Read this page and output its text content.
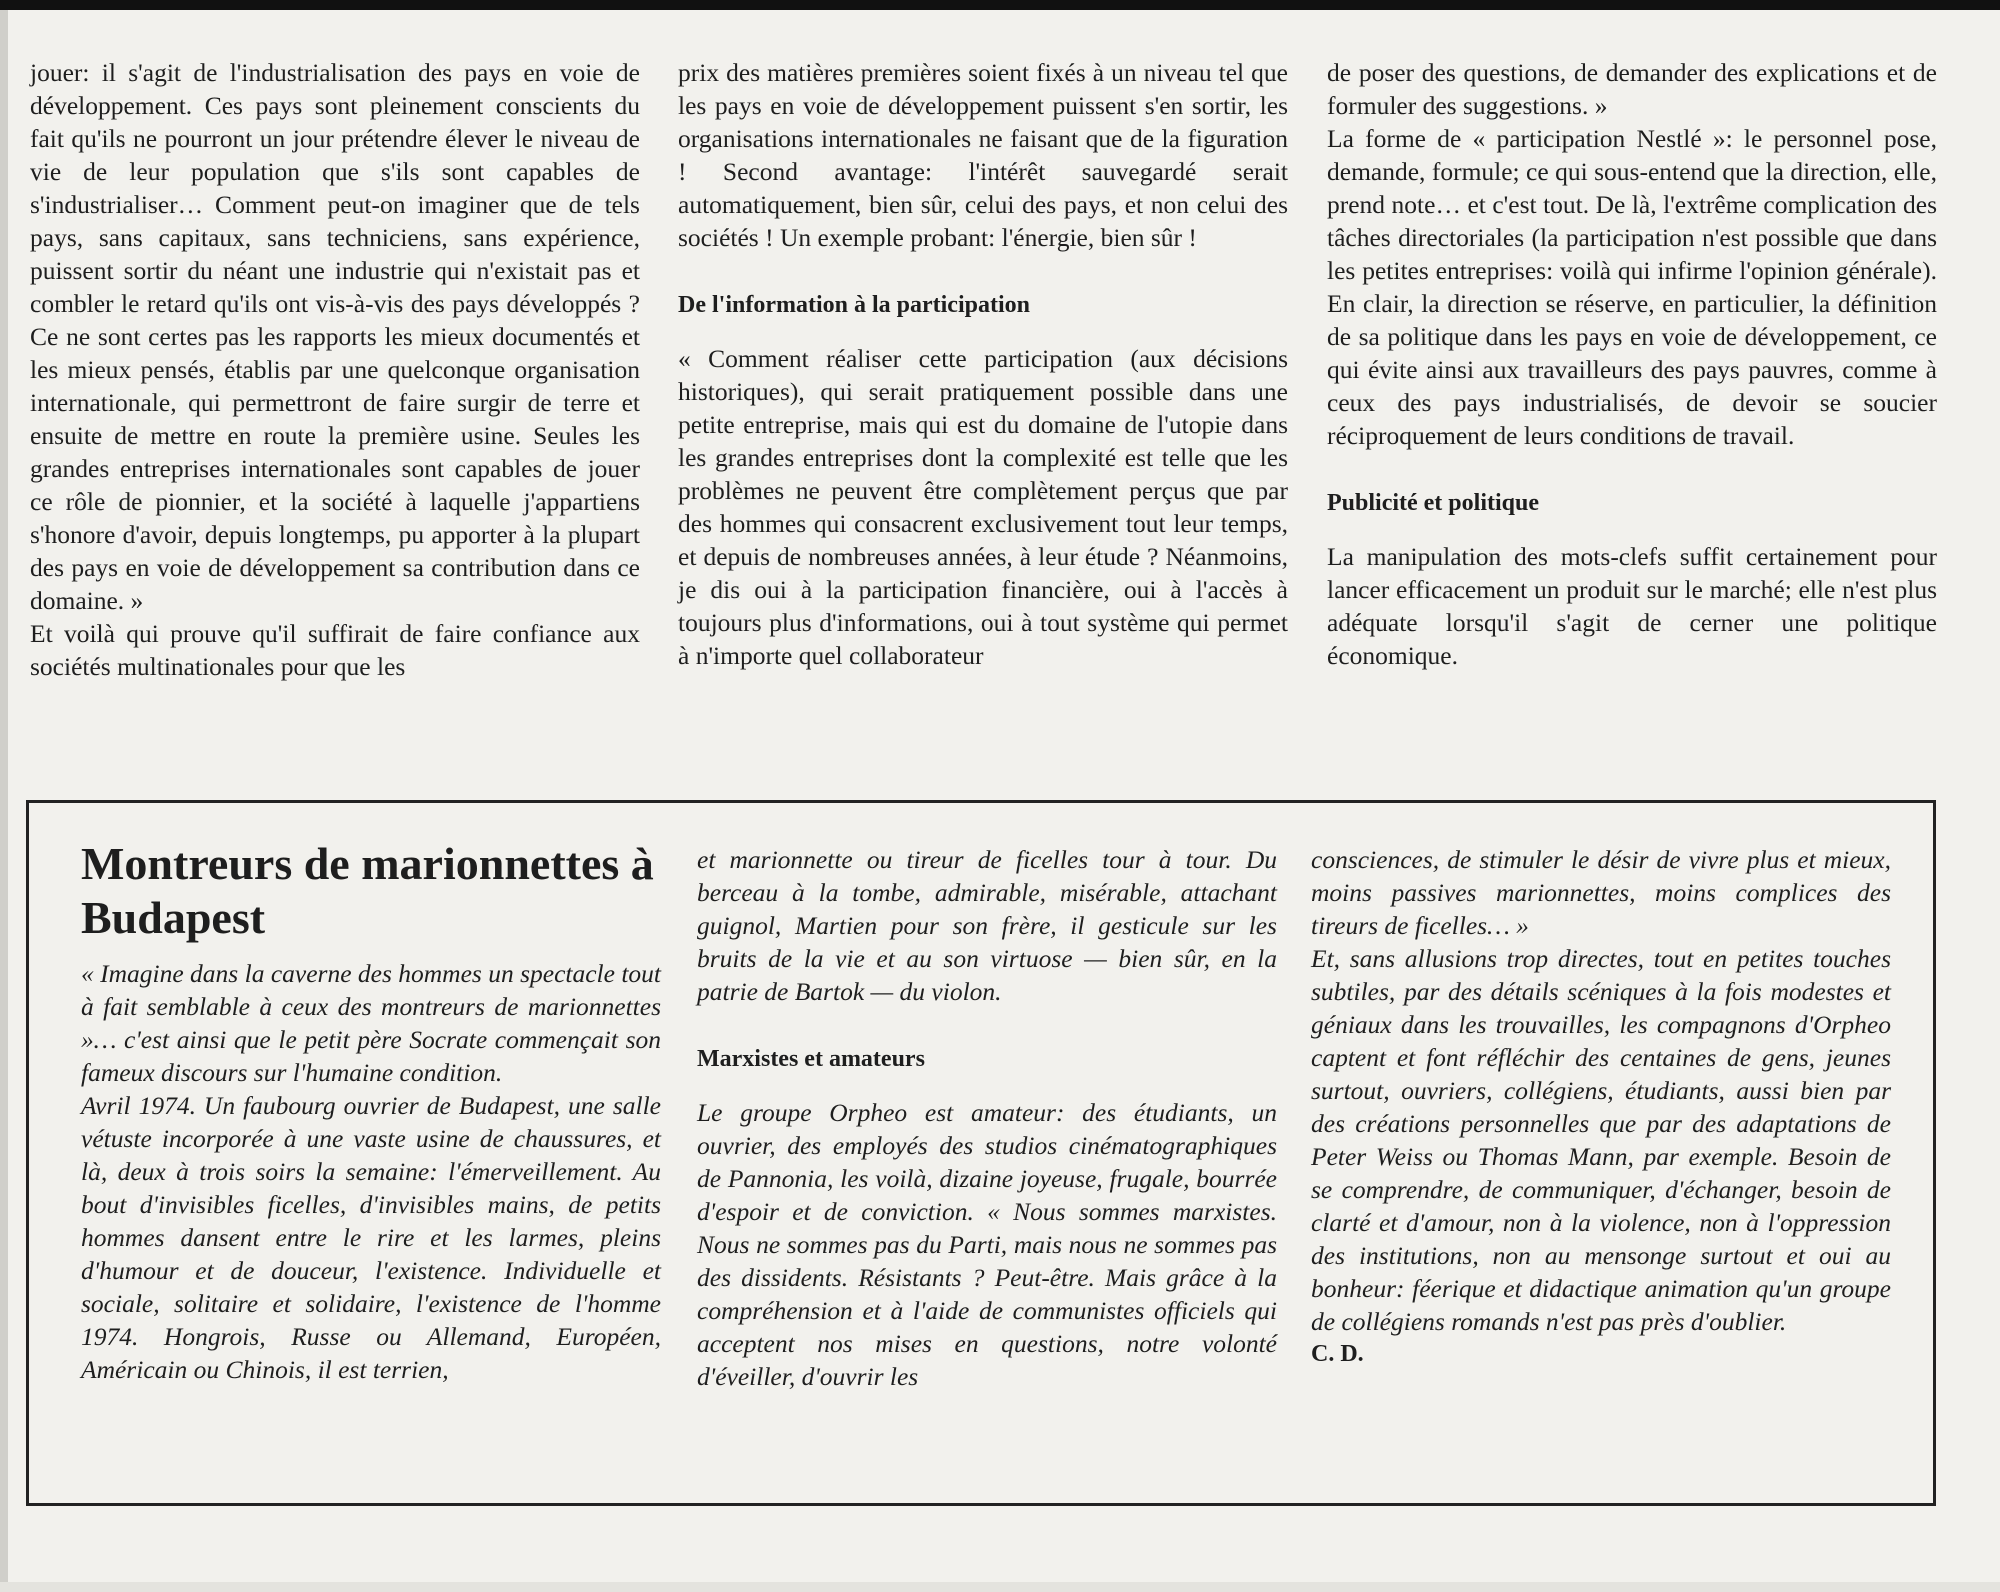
jouer: il s'agit de l'industrialisation des pays en voie de développement. Ces pays sont pleinement conscients du fait qu'ils ne pourront un jour prétendre élever le niveau de vie de leur population que s'ils sont capables de s'industrialiser… Comment peut-on imaginer que de tels pays, sans capitaux, sans techniciens, sans expérience, puissent sortir du néant une industrie qui n'existait pas et combler le retard qu'ils ont vis-à-vis des pays développés ? Ce ne sont certes pas les rapports les mieux documentés et les mieux pensés, établis par une quelconque organisation internationale, qui permettront de faire surgir de terre et ensuite de mettre en route la première usine. Seules les grandes entreprises internationales sont capables de jouer ce rôle de pionnier, et la société à laquelle j'appartiens s'honore d'avoir, depuis longtemps, pu apporter à la plupart des pays en voie de développement sa contribution dans ce domaine. »

Et voilà qui prouve qu'il suffirait de faire confiance aux sociétés multinationales pour que les

prix des matières premières soient fixés à un niveau tel que les pays en voie de développement puissent s'en sortir, les organisations internationales ne faisant que de la figuration ! Second avantage: l'intérêt sauvegardé serait automatiquement, bien sûr, celui des pays, et non celui des sociétés ! Un exemple probant: l'énergie, bien sûr !

De l'information à la participation

« Comment réaliser cette participation (aux décisions historiques), qui serait pratiquement possible dans une petite entreprise, mais qui est du domaine de l'utopie dans les grandes entreprises dont la complexité est telle que les problèmes ne peuvent être complètement perçus que par des hommes qui consacrent exclusivement tout leur temps, et depuis de nombreuses années, à leur étude ? Néanmoins, je dis oui à la participation financière, oui à l'accès à toujours plus d'informations, oui à tout système qui permet à n'importe quel collaborateur

de poser des questions, de demander des explications et de formuler des suggestions. »

La forme de « participation Nestlé »: le personnel pose, demande, formule; ce qui sous-entend que la direction, elle, prend note… et c'est tout. De là, l'extrême complication des tâches directoriales (la participation n'est possible que dans les petites entreprises: voilà qui infirme l'opinion générale). En clair, la direction se réserve, en particulier, la définition de sa politique dans les pays en voie de développement, ce qui évite ainsi aux travailleurs des pays pauvres, comme à ceux des pays industrialisés, de devoir se soucier réciproquement de leurs conditions de travail.

Publicité et politique

La manipulation des mots-clefs suffit certainement pour lancer efficacement un produit sur le marché; elle n'est plus adéquate lorsqu'il s'agit de cerner une politique économique.

Montreurs de marionnettes à Budapest

« Imagine dans la caverne des hommes un spectacle tout à fait semblable à ceux des montreurs de marionnettes »… c'est ainsi que le petit père Socrate commençait son fameux discours sur l'humaine condition.

Avril 1974. Un faubourg ouvrier de Budapest, une salle vétuste incorporée à une vaste usine de chaussures, et là, deux à trois soirs la semaine: l'émerveillement. Au bout d'invisibles ficelles, d'invisibles mains, de petits hommes dansent entre le rire et les larmes, pleins d'humour et de douceur, l'existence. Individuelle et sociale, solitaire et solidaire, l'existence de l'homme 1974. Hongrois, Russe ou Allemand, Européen, Américain ou Chinois, il est terrien,

et marionnette ou tireur de ficelles tour à tour. Du berceau à la tombe, admirable, misérable, attachant guignol, Martien pour son frère, il gesticule sur les bruits de la vie et au son virtuose — bien sûr, en la patrie de Bartok — du violon.

Marxistes et amateurs

Le groupe Orpheo est amateur: des étudiants, un ouvrier, des employés des studios cinématographiques de Pannonia, les voilà, dizaine joyeuse, frugale, bourrée d'espoir et de conviction. « Nous sommes marxistes. Nous ne sommes pas du Parti, mais nous ne sommes pas des dissidents. Résistants ? Peut-être. Mais grâce à la compréhension et à l'aide de communistes officiels qui acceptent nos mises en questions, notre volonté d'éveiller, d'ouvrir les

consciences, de stimuler le désir de vivre plus et mieux, moins passives marionnettes, moins complices des tireurs de ficelles… »

Et, sans allusions trop directes, tout en petites touches subtiles, par des détails scéniques à la fois modestes et géniaux dans les trouvailles, les compagnons d'Orpheo captent et font réfléchir des centaines de gens, jeunes surtout, ouvriers, collégiens, étudiants, aussi bien par des créations personnelles que par des adaptations de Peter Weiss ou Thomas Mann, par exemple. Besoin de se comprendre, de communiquer, d'échanger, besoin de clarté et d'amour, non à la violence, non à l'oppression des institutions, non au mensonge surtout et oui au bonheur: féerique et didactique animation qu'un groupe de collégiens romands n'est pas près d'oublier.

C. D.
